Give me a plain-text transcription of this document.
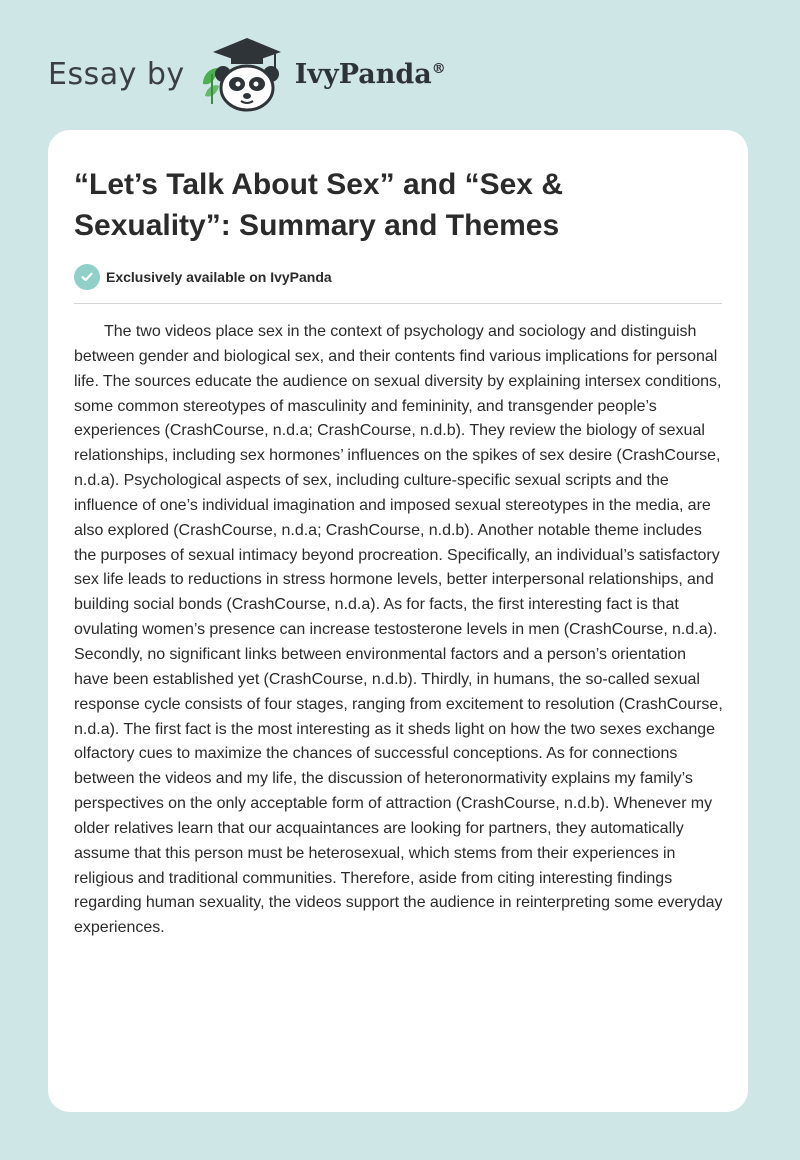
Essay by	IvyPanda®
“Let’s Talk About Sex” and “Sex & Sexuality”: Summary and Themes
Exclusively available on IvyPanda

The two videos place sex in the context of psychology and sociology and distinguish between gender and biological sex, and their contents find various implications for personal life. The sources educate the audience on sexual diversity by explaining intersex conditions, some common stereotypes of masculinity and femininity, and transgender people’s experiences (CrashCourse, n.d.a; CrashCourse, n.d.b). They review the biology of sexual relationships, including sex hormones’ influences on the spikes of sex desire (CrashCourse, n.d.a). Psychological aspects of sex, including culture-specific sexual scripts and the influence of one’s individual imagination and imposed sexual stereotypes in the media, are also explored (CrashCourse, n.d.a; CrashCourse, n.d.b). Another notable theme includes the purposes of sexual intimacy beyond procreation. Specifically, an individual’s satisfactory sex life leads to reductions in stress hormone levels, better interpersonal relationships, and building social bonds (CrashCourse, n.d.a). As for facts, the first interesting fact is that ovulating women’s presence can increase testosterone levels in men (CrashCourse, n.d.a). Secondly, no significant links between environmental factors and a person’s orientation have been established yet (CrashCourse, n.d.b). Thirdly, in humans, the so-called sexual response cycle consists of four stages, ranging from excitement to resolution (CrashCourse, n.d.a). The first fact is the most interesting as it sheds light on how the two sexes exchange olfactory cues to maximize the chances of successful conceptions. As for connections between the videos and my life, the discussion of heteronormativity explains my family’s perspectives on the only acceptable form of attraction (CrashCourse, n.d.b). Whenever my older relatives learn that our acquaintances are looking for partners, they automatically assume that this person must be heterosexual, which stems from their experiences in religious and traditional communities. Therefore, aside from citing interesting findings regarding human sexuality, the videos support the audience in reinterpreting some everyday experiences.
